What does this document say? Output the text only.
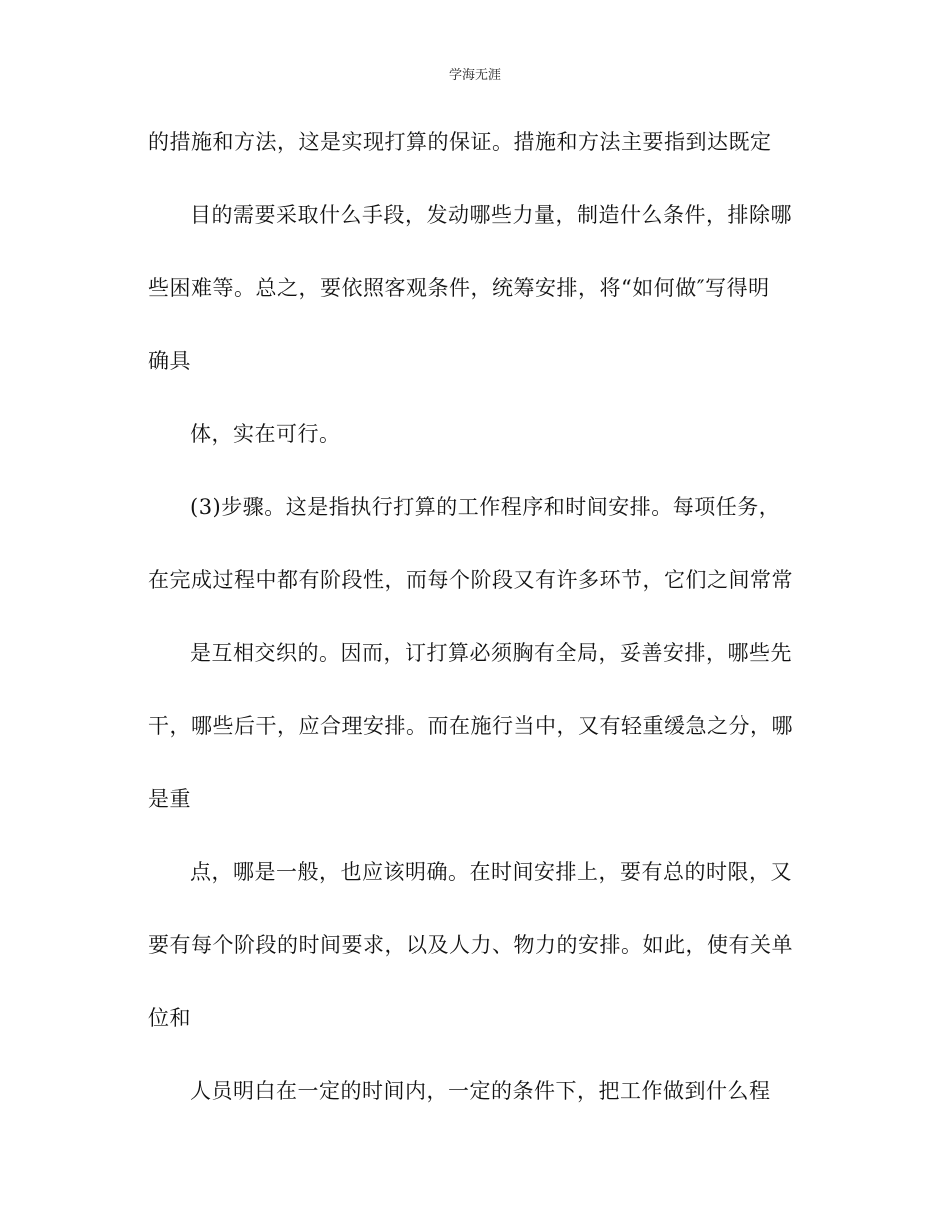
学海无涯
的措施和方法，这是实现打算的保证。措施和方法主要指到达既定
目的需要采取什么手段，发动哪些力量，制造什么条件，排除哪
些困难等。总之，要依照客观条件，统筹安排，将“如何做″写得明
确具
体，实在可行。
(3)步骤。这是指执行打算的工作程序和时间安排。每项任务，
在完成过程中都有阶段性，而每个阶段又有许多环节，它们之间常常
是互相交织的。因而，订打算必须胸有全局，妥善安排，哪些先
干，哪些后干，应合理安排。而在施行当中，又有轻重缓急之分，哪
是重
点，哪是一般，也应该明确。在时间安排上，要有总的时限，又
要有每个阶段的时间要求，以及人力、物力的安排。如此，使有关单
位和
人员明白在一定的时间内，一定的条件下，把工作做到什么程
